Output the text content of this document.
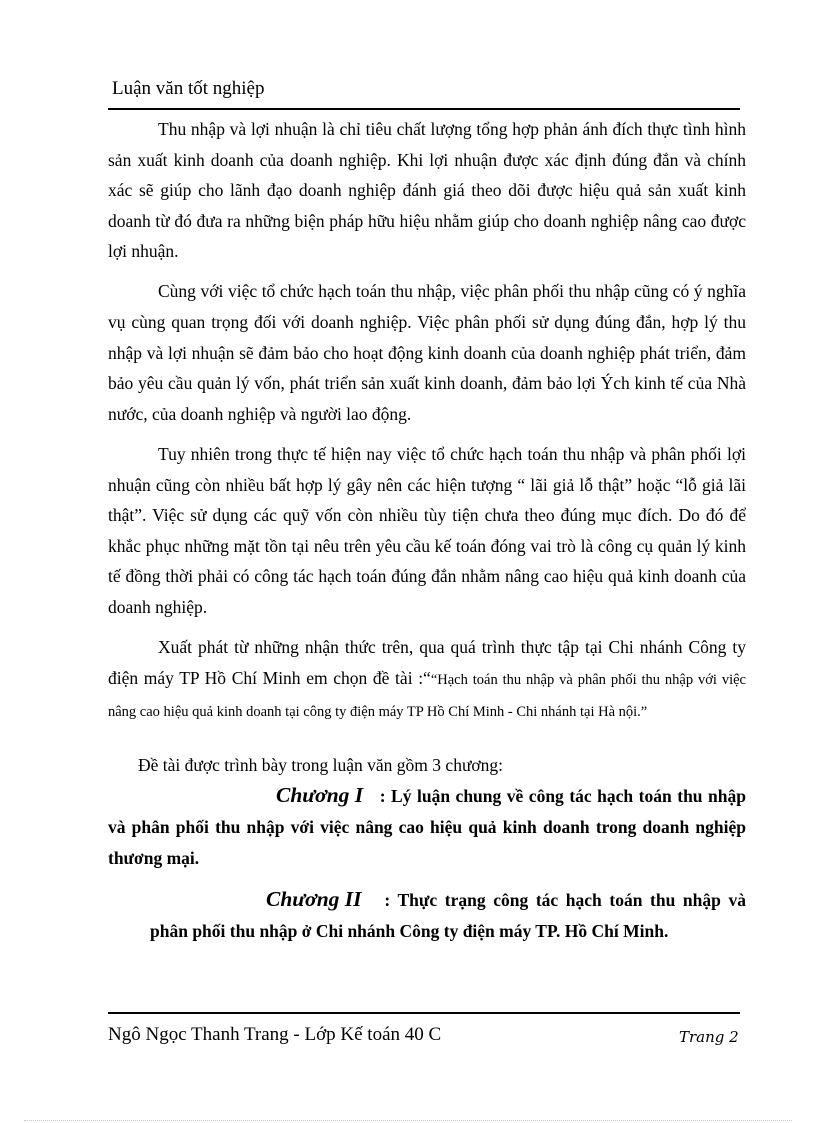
Luận văn tốt nghiệp

Thu nhập và lợi nhuận là chỉ tiêu chất lượng tổng hợp phản ánh đích thực tình hình sản xuất kinh doanh của doanh nghiệp. Khi lợi nhuận được xác định đúng đắn và chính xác sẽ giúp cho lãnh đạo doanh nghiệp đánh giá theo dõi được hiệu quả sản xuất kinh doanh từ đó đưa ra những biện pháp hữu hiệu nhằm giúp cho doanh nghiệp nâng cao được lợi nhuận.

Cùng với việc tổ chức hạch toán thu nhập, việc phân phối thu nhập cũng có ý nghĩa vụ cùng quan trọng đối với doanh nghiệp. Việc phân phối sử dụng đúng đắn, hợp lý thu nhập và lợi nhuận sẽ đảm bảo cho hoạt động kinh doanh của doanh nghiệp phát triển, đảm bảo yêu cầu quản lý vốn, phát triển sản xuất kinh doanh, đảm bảo lợi Ých kinh tế của Nhà nước, của doanh nghiệp và người lao động.

Tuy nhiên trong thực tế hiện nay việc tổ chức hạch toán thu nhập và phân phối lợi nhuận cũng còn nhiều bất hợp lý gây nên các hiện tượng “ lãi giả lỗ thật” hoặc “lỗ giả lãi thật”. Việc sử dụng các quỹ vốn còn nhiều tùy tiện chưa theo đúng mục đích. Do đó để khắc phục những mặt tồn tại nêu trên yêu cầu kế toán đóng vai trò là công cụ quản lý kinh tế đồng thời phải có công tác hạch toán đúng đắn nhằm nâng cao hiệu quả kinh doanh của doanh nghiệp.

Xuất phát từ những nhận thức trên, qua quá trình thực tập tại Chi nhánh Công ty điện máy TP Hồ Chí Minh em chọn đề tài :““Hạch toán thu nhập và phân phối thu nhập với việc nâng cao hiệu quả kinh doanh tại công ty điện máy TP Hồ Chí Minh - Chi nhánh tại Hà nội.”

Đề tài được trình bày trong luận văn gồm 3 chương:

Chương I : Lý luận chung về công tác hạch toán thu nhập và phân phối thu nhập với việc nâng cao hiệu quả kinh doanh trong doanh nghiệp thương mại.

Chương II : Thực trạng công tác hạch toán thu nhập và phân phối thu nhập ở Chi nhánh Công ty điện máy TP. Hồ Chí Minh.

Ngô Ngọc Thanh Trang - Lớp Kế toán 40 C	Trang 2
